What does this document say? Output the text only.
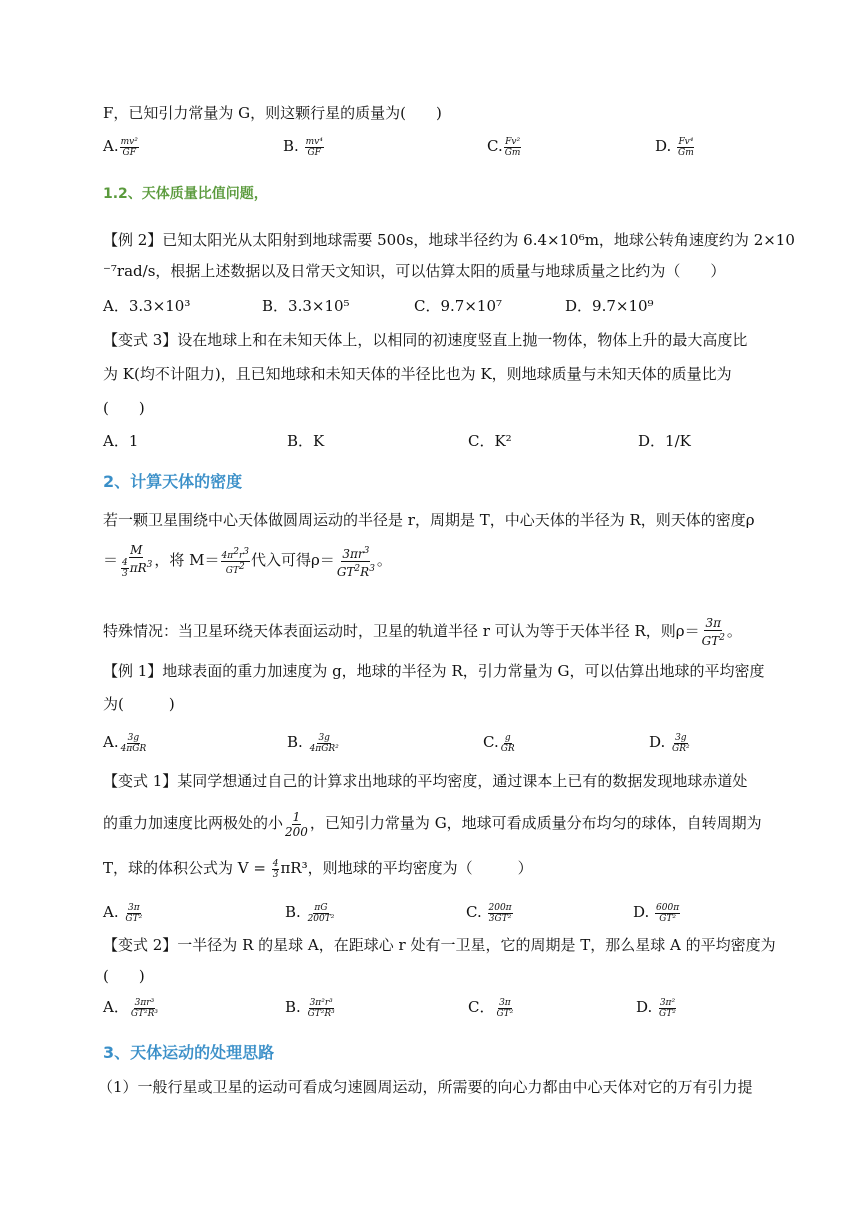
F，已知引力常量为 G，则这颗行星的质量为(　　)
A. $\frac{\text{mv²}}{GF}$	B. $\frac{\text{mv⁴}}{GF}$	C. $\frac{\text{Fv²}}{Gm}$	D. $\frac{\text{Fv⁴}}{Gm}$
1.2、天体质量比值问题，
【例 2】已知太阳光从太阳射到地球需要 500s，地球半径约为 6.4×10⁶m，地球公转角速度约为 2×10
⁻⁷rad/s，根据上述数据以及日常天文知识，可以估算太阳的质量与地球质量之比约为（　　）
A．3.3×10³	B．3.3×10⁵	C．9.7×10⁷	D．9.7×10⁹
【变式 3】设在地球上和在未知天体上，以相同的初速度竖直上抛一物体，物体上升的最大高度比
为 K(均不计阻力)，且已知地球和未知天体的半径比也为 K，则地球质量与未知天体的质量比为
(　　)
A．1	B．K	C．K²	D．1/K
2、计算天体的密度
若一颗卫星围绕中心天体做圆周运动的半径是 r，周期是 T，中心天体的半径为 R，则天体的密度ρ
＝ $\frac{M}{\frac{4}{3} \pi R^3}$ ，将 $M= \frac{4\pi^2r^3}{GT^2}$ 代入可得$\rho= \frac{3\pi r^3}{GT^2R^3}$ 。
特殊情况：当卫星环绕天体表面运动时，卫星的轨道半径 r 可认为等于天体半径 R，则$\rho= \frac{3\pi}{GT^2}$ 。
【例 1】地球表面的重力加速度为 g，地球的半径为 R，引力常量为 G，可以估算出地球的平均密度
为(　　　)
A. $\frac{3g}{\text{4πGR}}$	B. $\frac{3g}{\text{4πGR²}}$	C. $\frac{g}{GR}$	D. $\frac{3g}{\text{GR²}}$
【变式 1】某同学想通过自己的计算求出地球的平均密度，通过课本上已有的数据发现地球赤道处
的重力加速度比两极处的小 $\frac{1}{200}$ ，已知引力常量为 G，地球可看成质量分布均匀的球体，自转周期为
T，球的体积公式为 $V = \frac{4}{3} \pi R^3$，则地球的平均密度为（　　　）
A. $\frac{3\pi}{\text{GT²}}$	B. $\frac{\pi G}{\text{200T²}}$	C. $\frac{200\pi}{\text{3GT²}}$	D. $\frac{600\pi}{\text{GT²}}$
【变式 2】一半径为 R 的星球 A，在距球心 r 处有一卫星，它的周期是 T，那么星球 A 的平均密度为
(　　)
A． $\frac{\text{3πr³}}{\text{GT²R³}}$	B. $\frac{\text{3π²r³}}{\text{GT²R³}}$	C． $\frac{3\pi}{\text{GT²}}$	D. $\frac{\text{3π²}}{\text{GT²}}$
3、天体运动的处理思路
（1）一般行星或卫星的运动可看成匀速圆周运动，所需要的向心力都由中心天体对它的万有引力提
